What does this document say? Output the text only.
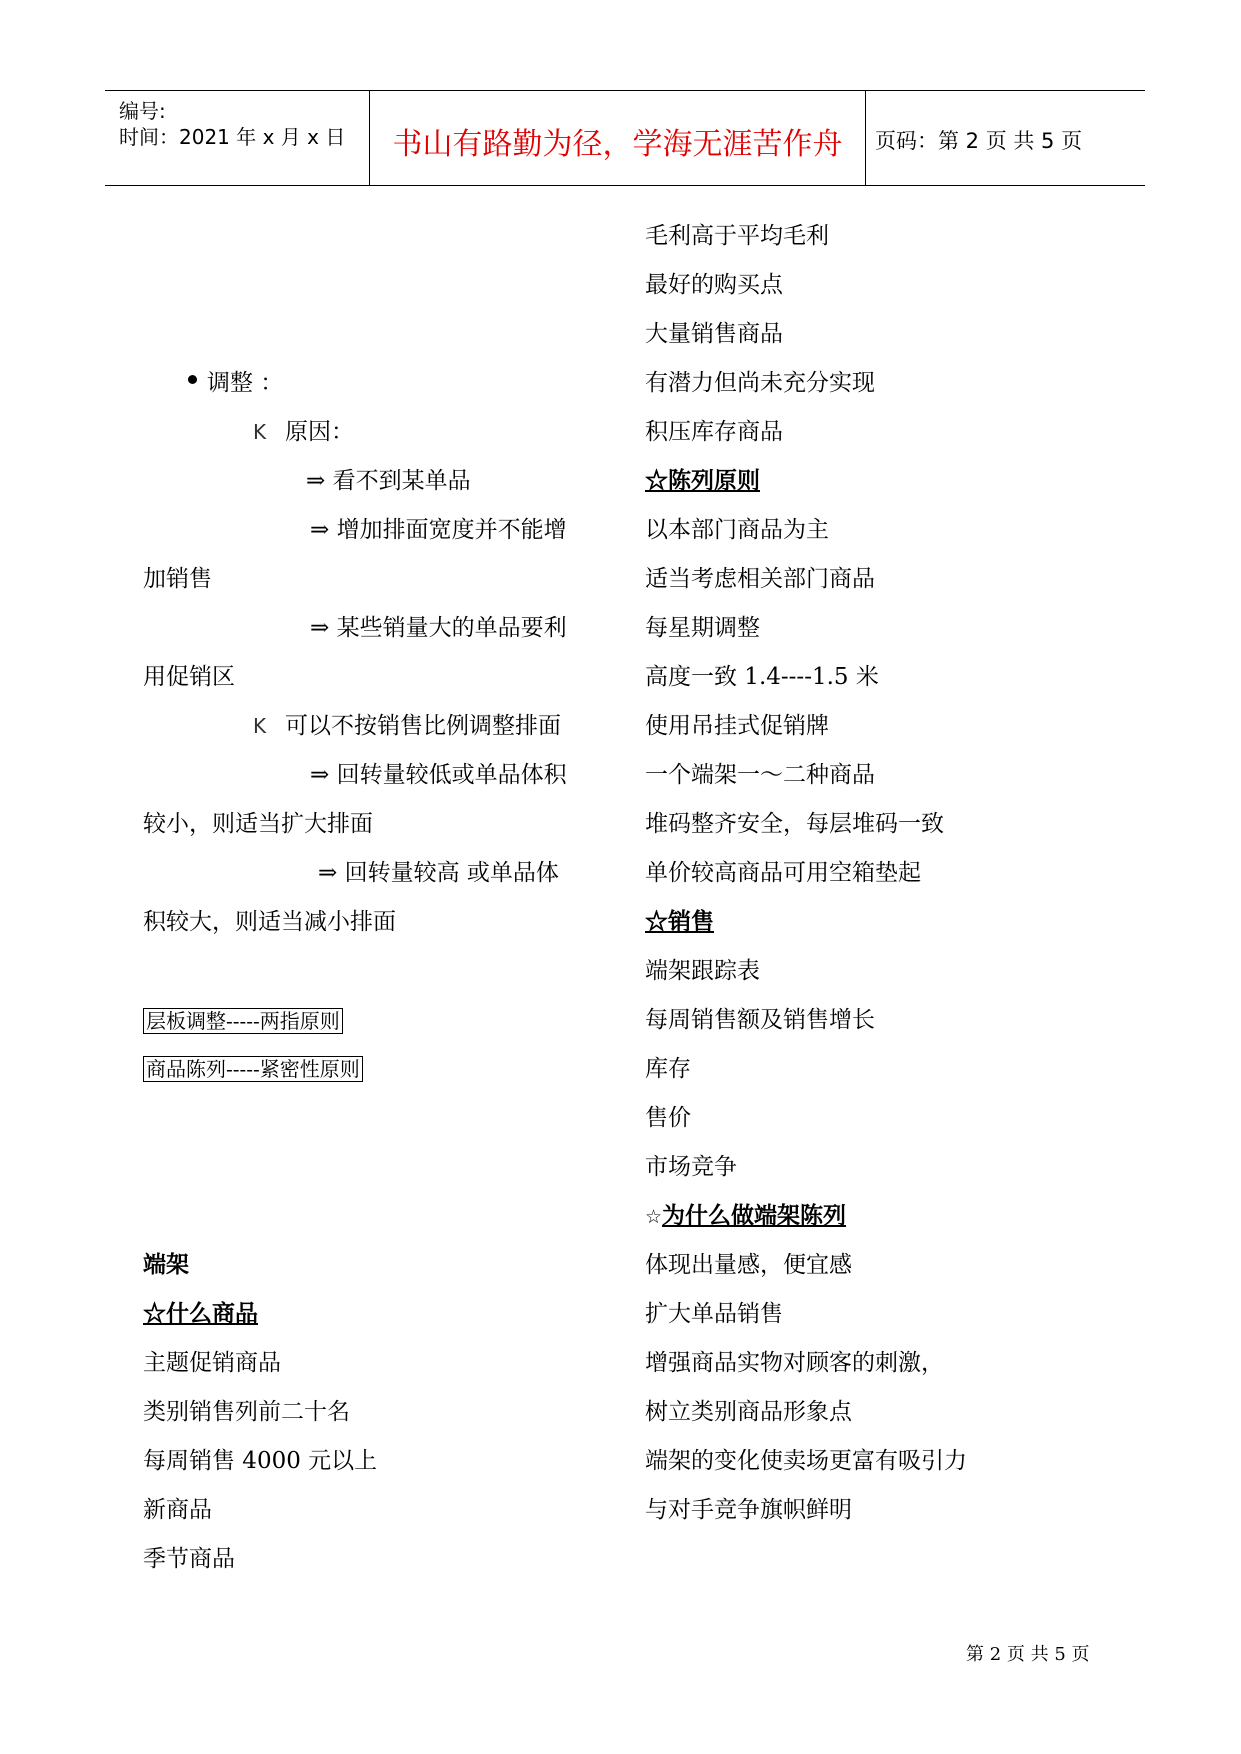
编号:
时间：2021 年 x 月 x 日	书山有路勤为径，学海无涯苦作舟	页码：第 2 页 共 5 页
调整 ：
K 原因：
⇒ 看不到某单品
⇒ 增加排面宽度并不能增
加销售
⇒ 某些销量大的单品要利
用促销区
K 可以不按销售比例调整排面
⇒ 回转量较低或单品体积
较小，则适当扩大排面
⇒ 回转量较高 或单品体
积较大，则适当减小排面
层板调整-----两指原则
商品陈列-----紧密性原则
端架
☆什么商品
主题促销商品
类别销售列前二十名
每周销售 4000 元以上
新商品
季节商品
毛利高于平均毛利
最好的购买点
大量销售商品
有潜力但尚未充分实现
积压库存商品
☆陈列原则
以本部门商品为主
适当考虑相关部门商品
每星期调整
高度一致 1.4----1.5 米
使用吊挂式促销牌
一个端架一～二种商品
堆码整齐安全，每层堆码一致
单价较高商品可用空箱垫起
☆销售
端架跟踪表
每周销售额及销售增长
库存
售价
市场竞争
☆为什么做端架陈列
体现出量感，便宜感
扩大单品销售
增强商品实物对顾客的刺激，
树立类别商品形象点
端架的变化使卖场更富有吸引力
与对手竞争旗帜鲜明
第 2 页 共 5 页
